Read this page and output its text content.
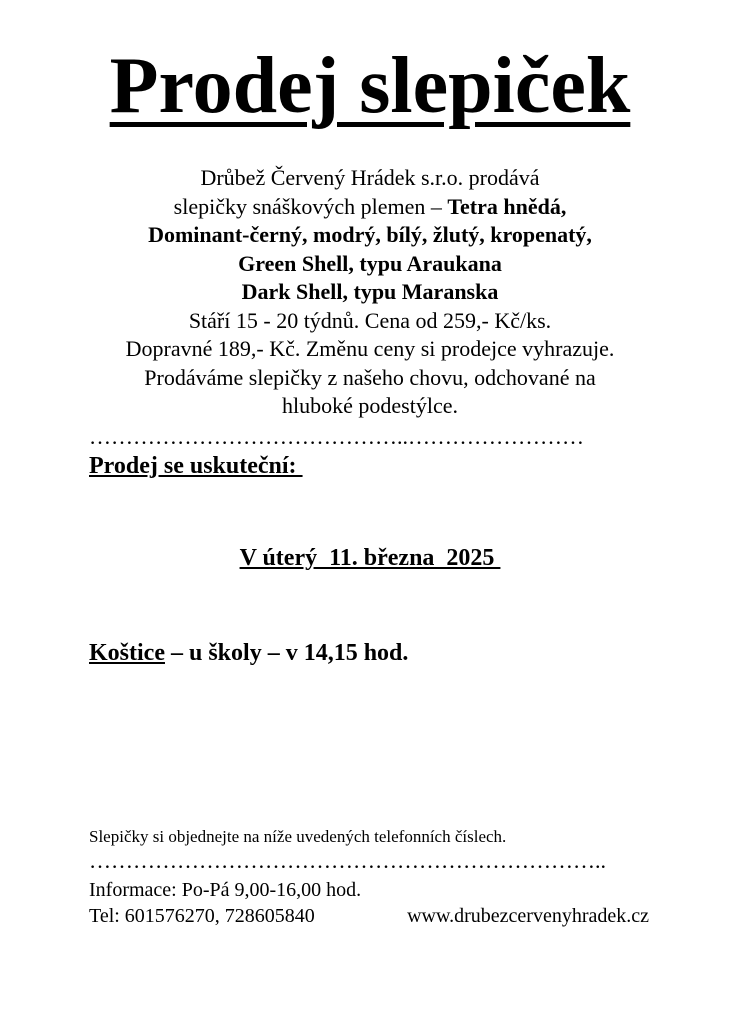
Prodej slepiček
Drůbež Červený Hrádek s.r.o. prodává
slepičky snáškových plemen – Tetra hnědá,
Dominant-černý, modrý, bílý, žlutý, kropenatý,
Green Shell, typu Araukana
Dark Shell, typu Maranska
Stáří 15 - 20 týdnů. Cena od 259,- Kč/ks.
Dopravné 189,- Kč. Změnu ceny si prodejce vyhrazuje.
Prodáváme slepičky z našeho chovu, odchované na
hluboké podestýlce.
……………………………………..……………………
Prodej se uskuteční:
V úterý  11. března  2025
Koštice – u školy – v 14,15 hod.
Slepičky si objednejte na níže uvedených telefonních číslech.
……………………………………………………………..
Informace: Po-Pá 9,00-16,00 hod.
Tel: 601576270, 728605840	www.drubezcervenyhradek.cz
